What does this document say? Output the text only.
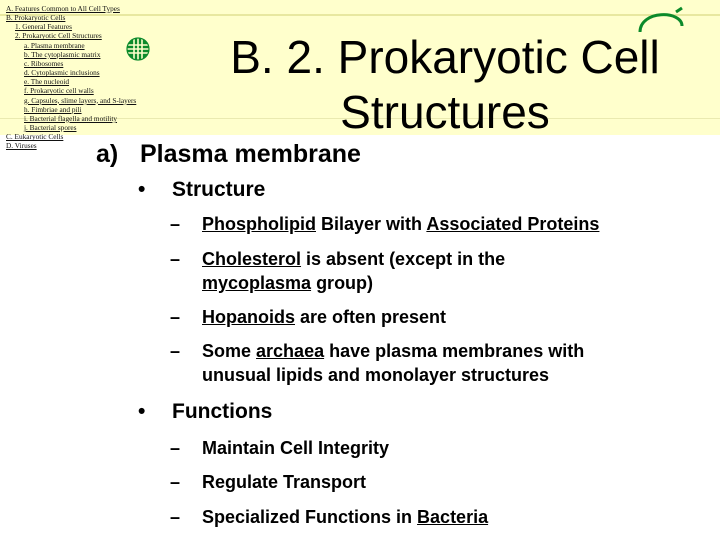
B. 2. Prokaryotic Cell
Structures
A. Features Common to All Cell Types
B. Prokaryotic Cells
1. General Features
2. Prokaryotic Cell Structures
a. Plasma membrane
b. The cytoplasmic matrix
c. Ribosomes
d. Cytoplasmic inclusions
e. The nucleoid
f. Prokaryotic cell walls
g. Capsules, slime layers, and S-layers
h. Fimbriae and pili
i. Bacterial flagella and motility
j. Bacterial spores
C. Eukaryotic Cells
D. Viruses	a) Plasma membrane
• Structure
– Phospholipid Bilayer with Associated Proteins
– Cholesterol is absent (except in the mycoplasma group)
– Hopanoids are often present
– Some archaea have plasma membranes with unusual lipids and monolayer structures
• Functions
– Maintain Cell Integrity
– Regulate Transport
– Specialized Functions in Bacteria
